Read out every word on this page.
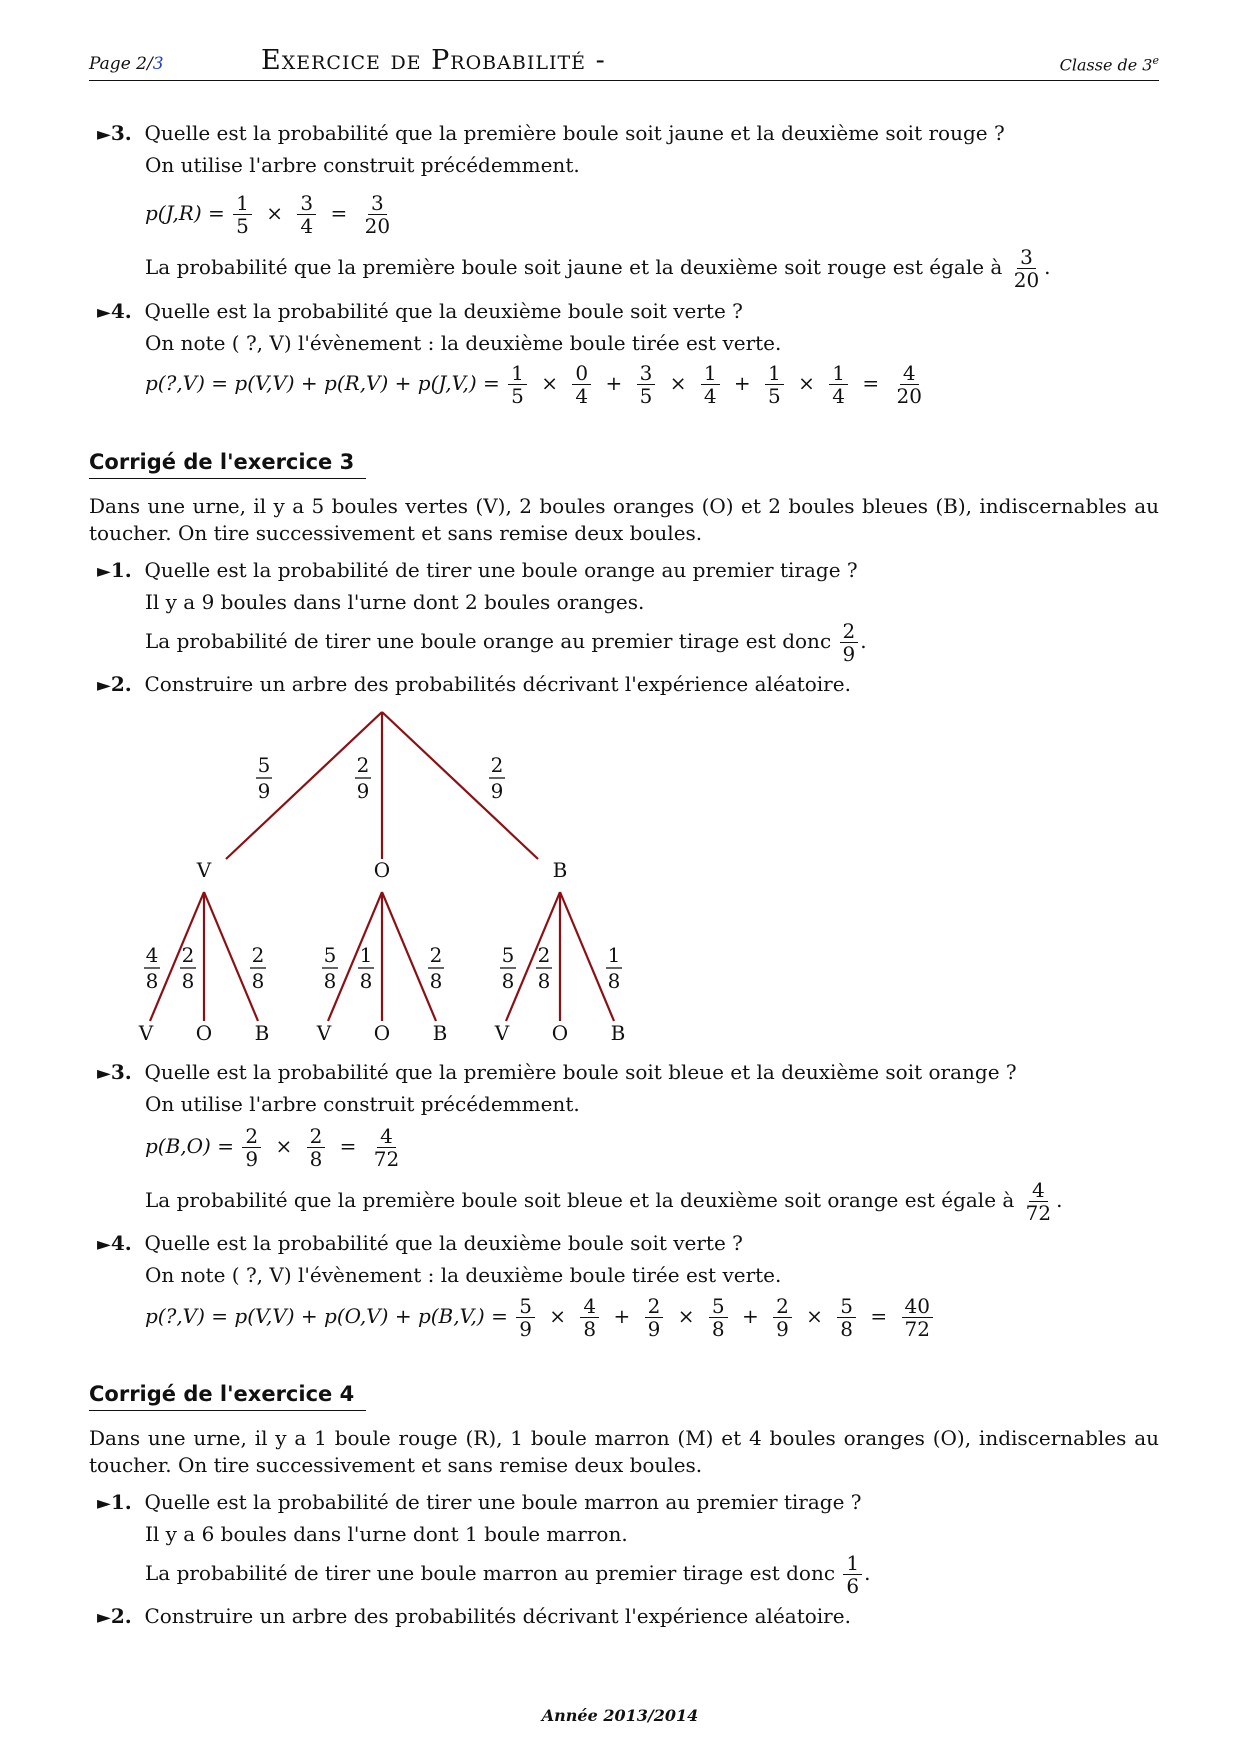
Page 2/3	Exercice de Probabilité -	Classe de 3e
►3. Quelle est la probabilité que la première boule soit jaune et la deuxième soit rouge ?
On utilise l'arbre construit précédemment.
$p(J,R) = \frac{1}{5} \times \frac{3}{4} = \frac{3}{20}$
La probabilité que la première boule soit jaune et la deuxième soit rouge est égale à $\frac{3}{20}$ .
►4. Quelle est la probabilité que la deuxième boule soit verte ?
On note ( ?, V) l'évènement : la deuxième boule tirée est verte.
p(?,V) = $p(V,V) + p(R,V) + p(J,V,) = \frac{1}{5} \times \frac{0}{4} + \frac{3}{5} \times \frac{1}{4} + \frac{1}{5} \times \frac{1}{4} = \frac{4}{20}$
Corrigé de l'exercice 3
Dans une urne, il y a 5 boules vertes (V), 2 boules oranges (O) et 2 boules bleues (B), indiscernables au toucher. On tire successivement et sans remise deux boules.
►1. Quelle est la probabilité de tirer une boule orange au premier tirage ?
Il y a 9 boules dans l'urne dont 2 boules oranges.
La probabilité de tirer une boule orange au premier tirage est donc $\frac{2}{9}$ .
►2. Construire un arbre des probabilités décrivant l'expérience aléatoire.
V
5
9
O
2
9
B
2
9
V
4
8
O
2
8
B
2
8
V
5
8
O
1
8
B
2
8
V
5
8
O
2
8
B
1
8
►3. Quelle est la probabilité que la première boule soit bleue et la deuxième soit orange ?
On utilise l'arbre construit précédemment.
$p(B,O) = \frac{2}{9} \times \frac{2}{8} = \frac{4}{72}$
La probabilité que la première boule soit bleue et la deuxième soit orange est égale à $\frac{4}{72}$ .
►4. Quelle est la probabilité que la deuxième boule soit verte ?
On note ( ?, V) l'évènement : la deuxième boule tirée est verte.
p(?,V) = $p(V,V) + p(O,V) + p(B,V,) = \frac{5}{9} \times \frac{4}{8} + \frac{2}{9} \times \frac{5}{8} + \frac{2}{9} \times \frac{5}{8} = \frac{40}{72}$
Corrigé de l'exercice 4
Dans une urne, il y a 1 boule rouge (R), 1 boule marron (M) et 4 boules oranges (O), indiscernables au toucher. On tire successivement et sans remise deux boules.
►1. Quelle est la probabilité de tirer une boule marron au premier tirage ?
Il y a 6 boules dans l'urne dont 1 boule marron.
La probabilité de tirer une boule marron au premier tirage est donc $\frac{1}{6}$ .
►2. Construire un arbre des probabilités décrivant l'expérience aléatoire.
Année 2013/2014
